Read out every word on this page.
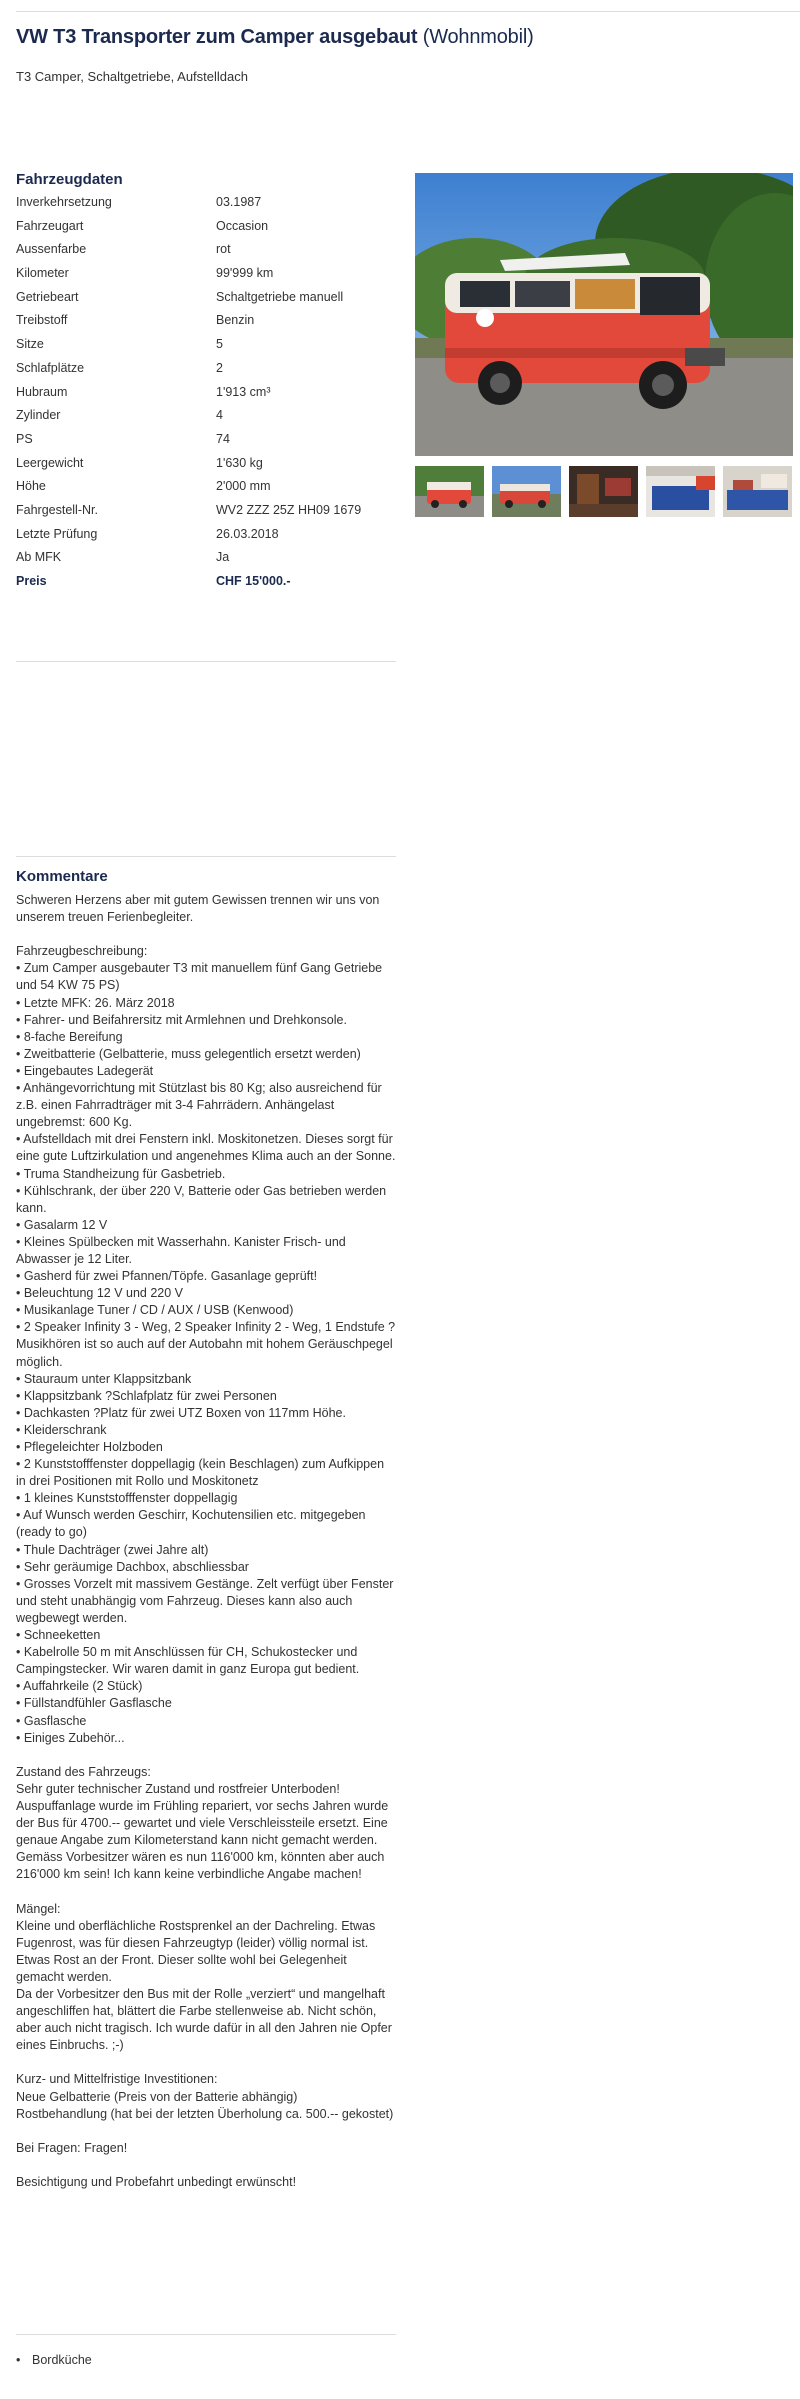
VW T3 Transporter zum Camper ausgebaut (Wohnmobil)
T3 Camper, Schaltgetriebe, Aufstelldach
Fahrzeugdaten
Inverkehrsetzung	03.1987
Fahrzeugart	Occasion
Aussenfarbe	rot
Kilometer	99'999 km
Getriebeart	Schaltgetriebe manuell
Treibstoff	Benzin
Sitze	5
Schlafplätze	2
Hubraum	1'913 cm³
Zylinder	4
PS	74
Leergewicht	1'630 kg
Höhe	2'000 mm
Fahrgestell-Nr.	WV2 ZZZ 25Z HH09 1679
Letzte Prüfung	26.03.2018
Ab MFK	Ja
Preis	CHF 15'000.-
Kommentare
Schweren Herzens aber mit gutem Gewissen trennen wir uns von unserem treuen Ferienbegleiter.

Fahrzeugbeschreibung:
• Zum Camper ausgebauter T3 mit manuellem fünf Gang Getriebe und 54 KW 75 PS)
• Letzte MFK: 26. März 2018
• Fahrer- und Beifahrersitz mit Armlehnen und Drehkonsole.
• 8-fache Bereifung
• Zweitbatterie (Gelbatterie, muss gelegentlich ersetzt werden)
• Eingebautes Ladegerät
• Anhängevorrichtung mit Stützlast bis 80 Kg; also ausreichend für z.B. einen Fahrradträger mit 3-4 Fahrrädern. Anhängelast ungebremst: 600 Kg.
• Aufstelldach mit drei Fenstern inkl. Moskitonetzen. Dieses sorgt für eine gute Luftzirkulation und angenehmes Klima auch an der Sonne.
• Truma Standheizung für Gasbetrieb.
• Kühlschrank, der über 220 V, Batterie oder Gas betrieben werden kann.
• Gasalarm 12 V
• Kleines Spülbecken mit Wasserhahn. Kanister Frisch- und Abwasser je 12 Liter.
• Gasherd für zwei Pfannen/Töpfe. Gasanlage geprüft!
• Beleuchtung 12 V und 220 V
• Musikanlage Tuner / CD / AUX / USB (Kenwood)
• 2 Speaker Infinity 3 - Weg, 2 Speaker Infinity 2 - Weg, 1 Endstufe ?Musikhören ist so auch auf der Autobahn mit hohem Geräuschpegel möglich.
• Stauraum unter Klappsitzbank
• Klappsitzbank ?Schlafplatz für zwei Personen
• Dachkasten ?Platz für zwei UTZ Boxen von 117mm Höhe.
• Kleiderschrank
• Pflegeleichter Holzboden
• 2 Kunststofffenster doppellagig (kein Beschlagen) zum Aufkippen in drei Positionen mit Rollo und Moskitonetz
• 1 kleines Kunststofffenster doppellagig
• Auf Wunsch werden Geschirr, Kochutensilien etc. mitgegeben (ready to go)
• Thule Dachträger (zwei Jahre alt)
• Sehr geräumige Dachbox, abschliessbar
• Grosses Vorzelt mit massivem Gestänge. Zelt verfügt über Fenster und steht unabhängig vom Fahrzeug. Dieses kann also auch wegbewegt werden.
• Schneeketten
• Kabelrolle 50 m mit Anschlüssen für CH, Schukostecker und Campingstecker. Wir waren damit in ganz Europa gut bedient.
• Auffahrkeile (2 Stück)
• Füllstandfühler Gasflasche
• Gasflasche
• Einiges Zubehör...

Zustand des Fahrzeugs:
Sehr guter technischer Zustand und rostfreier Unterboden! Auspuffanlage wurde im Frühling repariert, vor sechs Jahren wurde der Bus für 4700.-- gewartet und viele Verschleissteile ersetzt. Eine genaue Angabe zum Kilometerstand kann nicht gemacht werden. Gemäss Vorbesitzer wären es nun 116'000 km, könnten aber auch 216'000 km sein! Ich kann keine verbindliche Angabe machen!

Mängel:
Kleine und oberflächliche Rostsprenkel an der Dachreling. Etwas Fugenrost, was für diesen Fahrzeugtyp (leider) völlig normal ist. Etwas Rost an der Front. Dieser sollte wohl bei Gelegenheit gemacht werden.
Da der Vorbesitzer den Bus mit der Rolle „verziert“ und mangelhaft angeschliffen hat, blättert die Farbe stellenweise ab. Nicht schön, aber auch nicht tragisch. Ich wurde dafür in all den Jahren nie Opfer eines Einbruchs. ;-)

Kurz- und Mittelfristige Investitionen:
Neue Gelbatterie (Preis von der Batterie abhängig)
Rostbehandlung (hat bei der letzten Überholung ca. 500.-- gekostet)

Bei Fragen: Fragen!

Besichtigung und Probefahrt unbedingt erwünscht!
• Bordküche
